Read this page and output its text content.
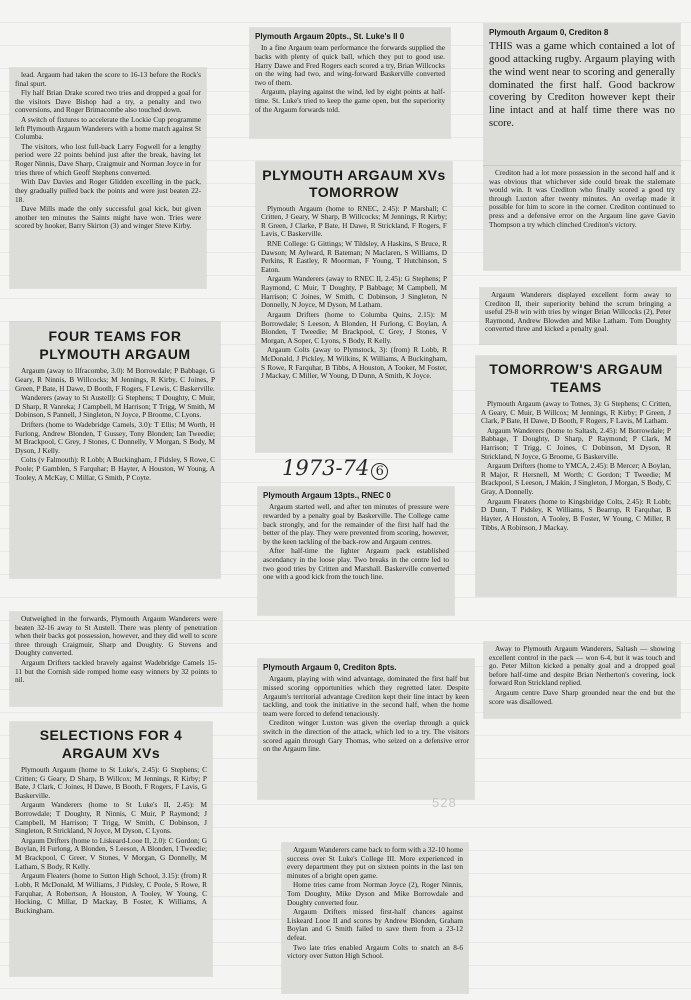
lead. Argaum had taken the score to 16-13 before the Rock's final spurt.

Fly half Brian Drake scored two tries and dropped a goal for the visitors Dave Bishop had a try, a penalty and two conversions, and Roger Brimacombe also touched down.

A switch of fixtures to accelerate the Lockie Cup programme left Plymouth Argaum Wanderers with a home match against St Columba.

The visitors, who lost full-back Larry Fogwell for a lengthy period were 22 points behind just after the break, having let Roger Ninnis, Dave Sharp, Craigmuir and Norman Joyce in for tries three of which Geoff Stephens converted.

With Dav Davies and Roger Glidden excelling in the pack, they gradually pulled back the points and were just beaten 22-18.

Dave Mills made the only successful goal kick, but given another ten minutes the Saints might have won. Tries were scored by hooker, Barry Skirton (3) and winger Steve Kirby.

Plymouth Argaum 20pts., St. Luke's II 0

In a fine Argaum team performance the forwards supplied the backs with plenty of quick ball, which they put to good use. Harry Dawe and Fred Rogers each scored a try, Brian Willcocks on the wing had two, and wing-forward Baskerville converted two of them.

Argaum, playing against the wind, led by eight points at half-time. St. Luke's tried to keep the game open, but the superiority of the Argaum forwards told.

Plymouth Argaum 0, Crediton 8

THIS was a game which contained a lot of good attacking rugby. Argaum playing with the wind went near to scoring and generally dominated the first half. Good backrow covering by Crediton however kept their line intact and at half time there was no score.

Crediton had a lot more possession in the second half and it was obvious that whichever side could break the stalemate would win. It was Crediton who finally scored a good try through Luxton after twenty minutes. An overlap made it possible for him to score in the corner. Crediton continued to press and a defensive error on the Argaum line gave Gavin Thompson a try which clinched Crediton's victory.

PLYMOUTH ARGAUM XVs TOMORROW

Plymouth Argaum (home to RNEC, 2.45): P Marshall; C Critten, J Geary, W Sharp, B Willcocks; M Jennings, R Kirby; R Green, J Clarke, P Bate, H Dawe, R Strickland, F Rogers, F Lavis, C Baskerville.

RNE College: G Gittings; W Tildsley, A Haskins, S Bruce, R Dawson; M Aylward, R Bateman; N Maclaren, S Williams, D Perkins, R Eastley, R Moorman, F Young, T Hutchinson, S Eaton.

Argaum Wanderers (away to RNEC II, 2.45): G Stephens; P Raymond, C Muir, T Doughty, P Babbage; M Campbell, M Harrison; C Joines, W Smith, C Dobinson, J Singleton, N Donnelly, N Joyce, M Dyson, M Latham.

Argaum Drifters (home to Columba Quins, 2.15): M Borrowdale; S Leeson, A Blonden, H Furlong, C Boylan, A Blonden, T Tweedie; M Brackpool, C Grey, J Stones, V Morgan, A Soper, C Lyons, S Body, R Kelly.

Argaum Colts (away to Plymstock, 3): (from) R Lobb, R McDonald, J Pickley, M Wilkins, K Williams, A Buckingham, S Rowe, R Farquhar, B Tibbs, A Houston, A Tooker, M Foster, J Mackay, C Miller, W Young, D Dunn, A Smith, K Joyce.

FOUR TEAMS FOR PLYMOUTH ARGAUM

Argaum (away to Ilfracombe, 3.0): M Borrowdale; P Babbage, G Geary, R Ninnis, B Willcocks; M Jennings, R Kirby, C Joines, P Green, P Bate, H Dawe, D Booth, F Rogers, F Lewis, C Baskerville.

Wanderers (away to St Austell): G Stephens; T Doughty, C Muir, D Sharp, R Vanreka; J Campbell, M Harrison; T Trigg, W Smith, M Dobinson, S Pannell, J Singleton, N Joyce, P Broome, C Lyons.

Drifters (home to Wadebridge Camels, 3.0): T Ellis; M Worth, H Furlong, Andrew Blonden, T Gussey, Tony Blonden; Ian Tweedie; M Brackpool, C Grey, J Stones, C Donnelly, V Morgan, S Body, M Dyson, J Kelly.

Colts (v Falmouth): R Lobb; A Buckingham, J Pidsley, S Rowe, C Poole; P Gamblen, S Farquhar; B Hayter, A Houston, W Young, A Tooley, A McKay, C Millar, G Smith, P Coyte.	1973-74 6

Plymouth Argaum 13pts., RNEC 0

Argaum started well, and after ten minutes of pressure were rewarded by a penalty goal by Baskerville. The College came back strongly, and for the remainder of the first half had the better of the play. They were prevented from scoring, however, by the keen tackling of the back-row and Argaum centres.

After half-time the lighter Argaum pack established ascendancy in the loose play. Two breaks in the centre led to two good tries by Critten and Marshall. Baskerville converted one with a good kick from the touch line.

Argaum Wanderers displayed excellent form away to Crediton II, their superiority behind the scrum bringing a useful 29-8 win with tries by winger Brian Willcocks (2), Peter Raymond, Andrew Blowden and Mike Latham. Tom Doughty converted three and kicked a penalty goal.

TOMORROW'S ARGAUM TEAMS

Plymouth Argaum (away to Totnes, 3): G Stephens; C Critten, A Geary, C Muir, B Willcox; M Jennings, R Kirby; P Green, J Clark, P Bate, H Dawe, D Booth, F Rogers, F Lavis, M Latham.

Argaum Wanderers (home to Saltash, 2.45): M Borrowdale; P Babbage, T Doughty, D Sharp, P Raymond; P Clark, M Harrison; T Trigg, C Joines, C Dobinson, M Dyson, R Strickland, N Joyce, G Broome, G Baskerville.

Argaum Drifters (home to YMCA, 2.45): B Mercer; A Boylan, R Major, R Hersnell, M Worth; C Gordon; T Tweedie; M Brackpool, S Leeson, J Makin, J Singleton, J Morgan, S Body, C Gray, A Donnelly.

Argaum Fleaters (home to Kingsbridge Colts, 2.45): R Lobb; D Dunn, T Pidsley, K Williams, S Bearrup, R Farquhar, B Hayter, A Houston, A Tooley, B Foster, W Young, C Miller, R Tibbs, A Robinson, J Mackay.

Outweighed in the forwards, Plymouth Argaum Wanderers were beaten 32-16 away to St Austell. There was plenty of penetration when their backs got possession, however, and they did well to score three through Craigmuir, Sharp and Doughty. G Stevens and Doughty converted.

Argaum Drifters tackled bravely against Wadebridge Camels 15-11 but the Cornish side romped home easy winners by 32 points to nil.

Plymouth Argaum 0, Crediton 8pts.

Argaum, playing with wind advantage, dominated the first half but missed scoring opportunities which they regretted later. Despite Argaum's territorial advantage Crediton kept their line intact by keen tackling, and took the initiative in the second half, when the home team were forced to defend tenaciously.

Crediton winger Luxton was given the overlap through a quick switch in the direction of the attack, which led to a try. The visitors scored again through Gary Thomas, who seized on a defensive error on the Argaum line.

Away to Plymouth Argaum Wanderers, Saltash — showing excellent control in the pack — won 6-4, but it was touch and go. Peter Milton kicked a penalty goal and a dropped goal before half-time and despite Brian Netherton's covering, lock forward Ron Strickland replied.

Argaum centre Dave Sharp grounded near the end but the score was disallowed.

528

SELECTIONS FOR 4 ARGAUM XVs

Plymouth Argaum (home to St Luke's, 2.45): G Stephens; C Critten; G Geary, D Sharp, B Willcox; M Jennings, R Kirby; P Bate, J Clark, C Joines, H Dawe, B Booth, F Rogers, F Lavis, G Baskerville.

Argaum Wanderers (home to St Luke's II, 2.45): M Borrowdale; T Doughty, R Ninnis, C Muir, P Raymond; J Campbell, M Harrison; T Trigg, W Smith, C Dobinson, J Singleton, R Strickland, N Joyce, M Dyson, C Lyons.

Argaum Drifters (home to Liskeard-Looe II, 2.0): C Gordon; G Boylan, H Furlong, A Blonden, S Leeson, A Blonden, I Tweedie; M Brackpool, C Greer, V Stones, V Morgan, G Donnelly, M Latham, S Body, R Kelly.

Argaum Fleaters (home to Sutton High School, 3.15): (from) R Lobb, R McDonald, M Williams, J Pidsley, C Poole, S Rowe, R Farquhar, A Robertson, A Houston, A Tooley, W Young, C Hocking, C Millar, D Mackay, B Foster, K Williams, A Buckingham.

Argaum Wanderers came back to form with a 32-10 home success over St Luke's College III. More experienced in every department they put on sixteen points in the last ten minutes of a bright open game.

Home tries came from Norman Joyce (2), Roger Ninnis, Tom Doughty, Mike Dyson and Mike Borrowdale and Doughty converted four.

Argaum Drifters missed first-half chances against Liskeard Looe II and scores by Andrew Blonden, Graham Boylan and G Smith failed to save them from a 23-12 defeat.

Two late tries enabled Argaum Colts to snatch an 8-6 victory over Sutton High School.
